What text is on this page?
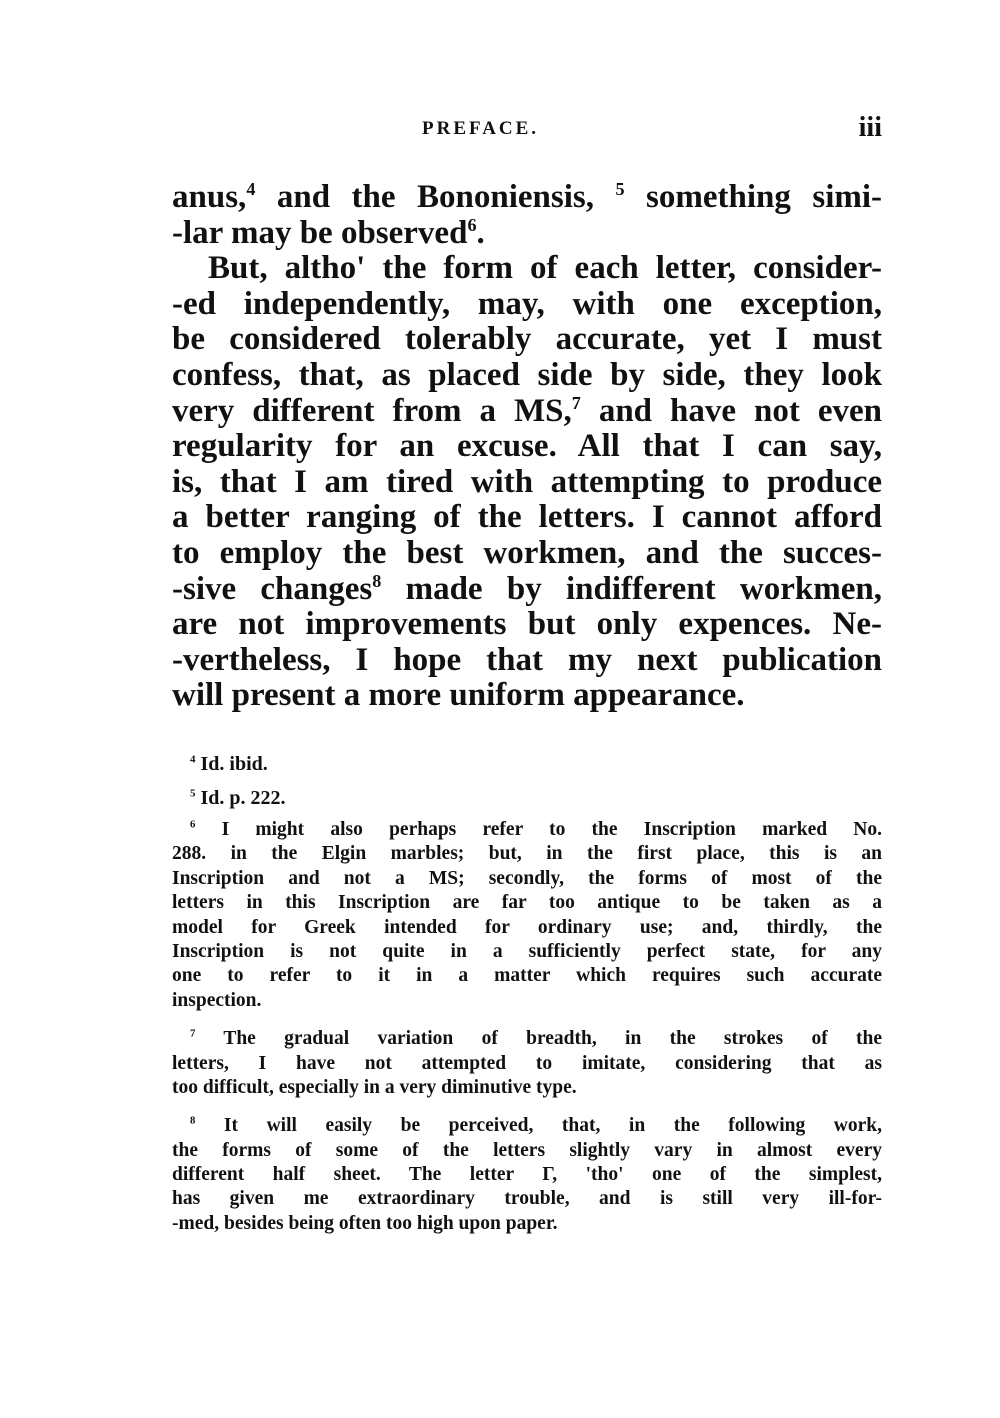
PREFACE.	iii
anus,$^4$ and the Bononiensis, $^5$ something simi-
-lar may be observed$^6$.
But, altho' the form of each letter, consider-
-ed independently, may, with one exception,
be considered tolerably accurate, yet I must
confess, that, as placed side by side, they look
very different from a MS,$^7$ and have not even
regularity for an excuse. All that I can say,
is, that I am tired with attempting to produce
a better ranging of the letters. I cannot afford
to employ the best workmen, and the succes-
-sive changes$^8$ made by indifferent workmen,
are not improvements but only expences. Ne-
-vertheless, I hope that my next publication
will present a more uniform appearance.
$^4$ Id. ibid.
$^5$ Id. p. 222.
$^6$ I might also perhaps refer to the Inscription marked No.
288. in the Elgin marbles; but, in the first place, this is an
Inscription and not a MS; secondly, the forms of most of the
letters in this Inscription are far too antique to be taken as a
model for Greek intended for ordinary use; and, thirdly, the
Inscription is not quite in a sufficiently perfect state, for any
one to refer to it in a matter which requires such accurate
inspection.
$^7$ The gradual variation of breadth, in the strokes of the
letters, I have not attempted to imitate, considering that as
too difficult, especially in a very diminutive type.
$^8$ It will easily be perceived, that, in the following work,
the forms of some of the letters slightly vary in almost every
different half sheet. The letter Γ, 'tho' one of the simplest,
has given me extraordinary trouble, and is still very ill-for-
-med, besides being often too high upon paper.
